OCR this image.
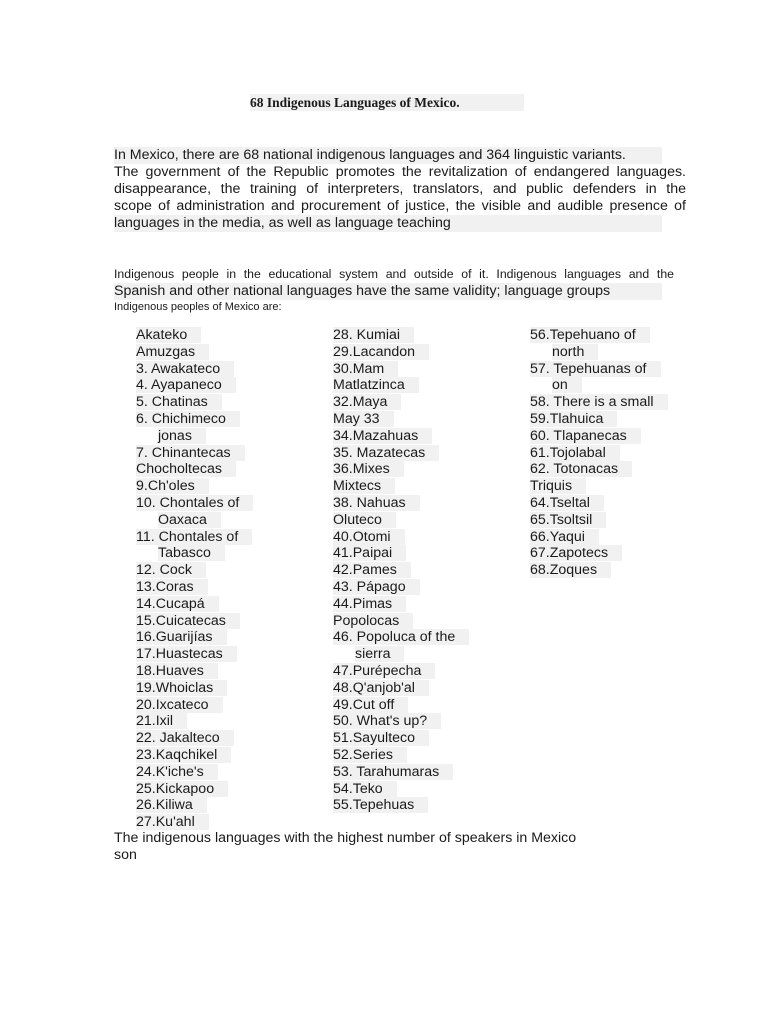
68 Indigenous Languages of Mexico.
In Mexico, there are 68 national indigenous languages and 364 linguistic variants.
The government of the Republic promotes the revitalization of endangered languages.
disappearance, the training of interpreters, translators, and public defenders in the
scope of administration and procurement of justice, the visible and audible presence of
languages in the media, as well as language teaching
Indigenous people in the educational system and outside of it. Indigenous languages and the
Spanish and other national languages have the same validity; language groups
Indigenous peoples of Mexico are:
Akateko
Amuzgas
3. Awakateco
4. Ayapaneco
5. Chatinas
6. Chichimeco
jonas
7. Chinantecas
Chocholtecas
9.Ch'oles
10. Chontales of
Oaxaca
11. Chontales of
Tabasco
12. Cock
13.Coras
14.Cucapá
15.Cuicatecas
16.Guarijías
17.Huastecas
18.Huaves
19.Whoiclas
20.Ixcateco
21.Ixil
22. Jakalteco
23.Kaqchikel
24.K'iche's
25.Kickapoo
26.Kiliwa
27.Ku'ahl
28. Kumiai
29.Lacandon
30.Mam
Matlatzinca
32.Maya
May 33
34.Mazahuas
35. Mazatecas
36.Mixes
Mixtecs
38. Nahuas
Oluteco
40.Otomi
41.Paipai
42.Pames
43. Pápago
44.Pimas
Popolocas
46. Popoluca of the
sierra
47.Purépecha
48.Q'anjob'al
49.Cut off
50. What's up?
51.Sayulteco
52.Series
53. Tarahumaras
54.Teko
55.Tepehuas
56.Tepehuano of
north
57. Tepehuanas of
on
58. There is a small
59.Tlahuica
60. Tlapanecas
61.Tojolabal
62. Totonacas
Triquis
64.Tseltal
65.Tsoltsil
66.Yaqui
67.Zapotecs
68.Zoques
The indigenous languages with the highest number of speakers in Mexico
son
